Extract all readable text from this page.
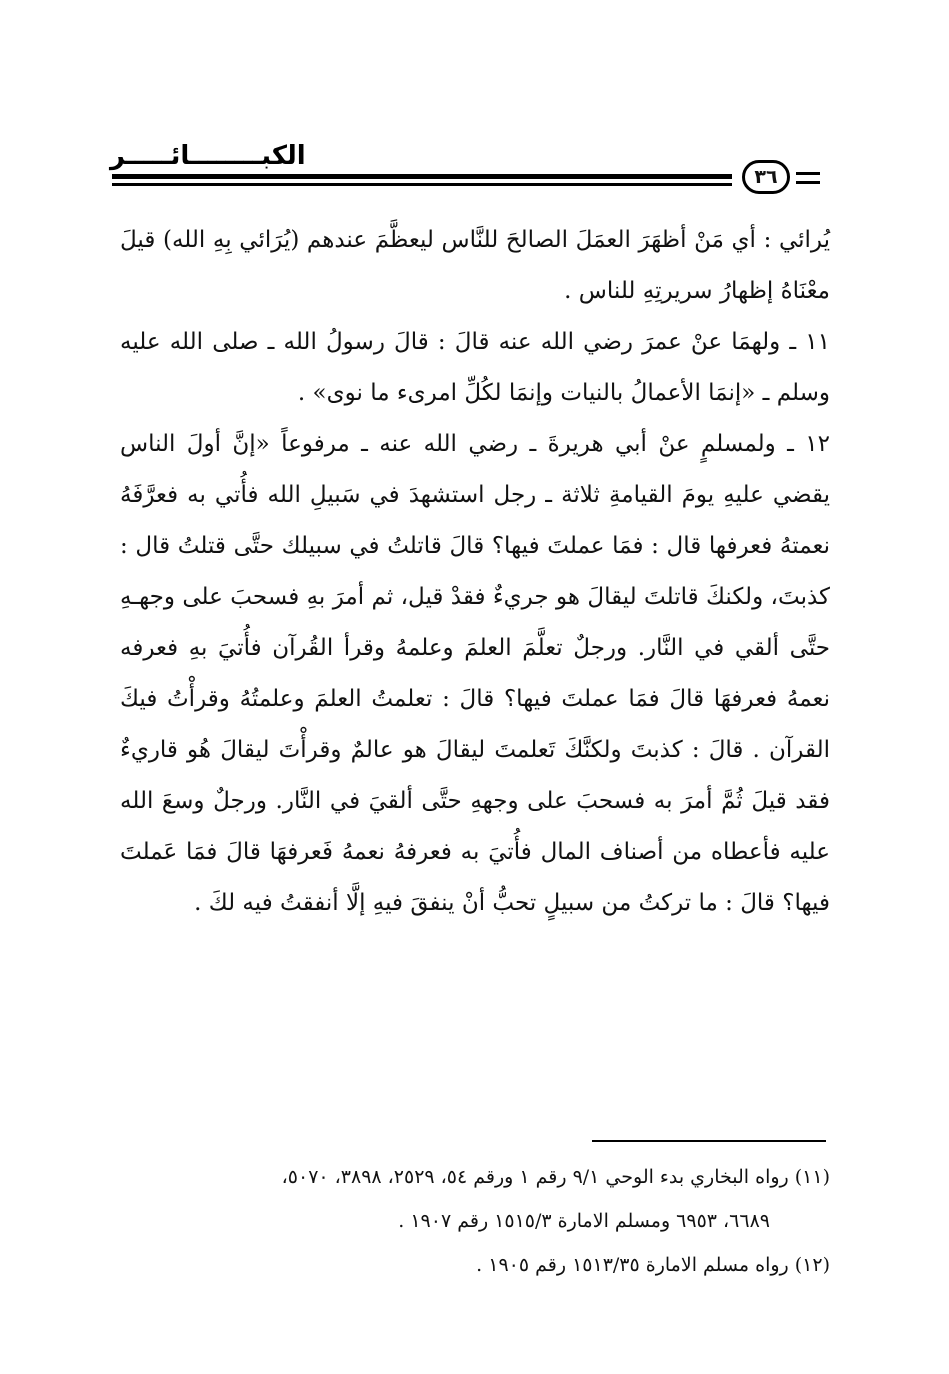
الكبــــــــائـــــر
٣٦

يُرائي : أي مَنْ أظهَرَ العمَلَ الصالحَ للنَّاس ليعظَّمَ عندهم (يُرَائي بِهِ الله) قيلَ معْنَاهُ إظهارُ سريرتِهِ للناس .

١١ ـ ولهمَا عنْ عمرَ رضي الله عنه قالَ : قالَ رسولُ الله ـ صلى الله عليه وسلم ـ «إنمَا الأعمالُ بالنيات وإنمَا لكُلِّ امرىء ما نوى» .

١٢ ـ ولمسلمٍ عنْ أبي هريرةَ ـ رضي الله عنه ـ مرفوعاً «إنَّ أولَ الناس يقضي عليهِ يومَ القيامةِ ثلاثة ـ رجل استشهدَ في سَبيلِ الله فأُتي به فعرَّفَهُ نعمتهُ فعرفها قال : فمَا عملتَ فيها؟ قالَ قاتلتُ في سبيلك حتَّى قتلتُ قال : كذبتَ، ولكنكَ قاتلتَ ليقالَ هو جريءٌ فقدْ قيل، ثم أمرَ بهِ فسحبَ على وجهـهِ حتَّى ألقي في النَّار. ورجلٌ تعلَّمَ العلمَ وعلمهُ وقرأ القُرآن فأُتيَ بهِ فعرفه نعمهُ فعرفهَا قالَ فمَا عملتَ فيها؟ قالَ : تعلمتُ العلمَ وعلمتُهُ وقرأْتُ فيكَ القرآن . قالَ : كذبتَ ولكنَّكَ تَعلمتَ ليقالَ هو عالمٌ وقرأْتَ ليقالَ هُو قاريءٌ فقد قيلَ ثُمَّ أمرَ به فسحبَ على وجههِ حتَّى ألقيَ في النَّار. ورجلٌ وسعَ الله عليه فأعطاه من أصناف المال فأُتيَ به فعرفهُ نعمهُ فَعرفهَا قالَ فمَا عَملتَ فيها؟ قالَ : ما تركتُ من سبيلٍ تحبُّ أنْ ينفقَ فيهِ إلَّا أنفقتُ فيه لكَ .

(١١) رواه البخاري بدء الوحي ٩/١ رقم ١ ورقم ٥٤، ٢٥٢٩، ٣٨٩٨، ٥٠٧٠،

٦٦٨٩، ٦٩٥٣ ومسلم الامارة ١٥١٥/٣ رقم ١٩٠٧ .

(١٢) رواه مسلم الامارة ١٥١٣/٣٥ رقم ١٩٠٥ .
